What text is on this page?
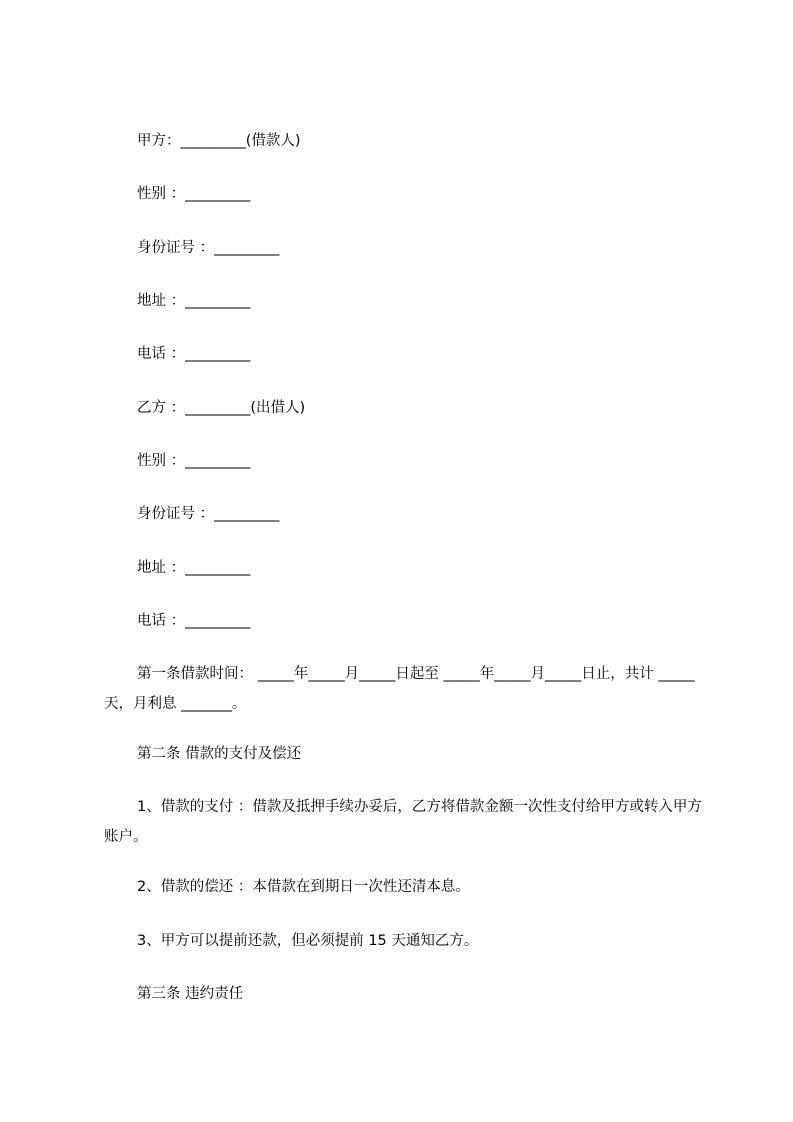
甲方：_________(借款人)
性别 ：_________
身份证号 ：_________
地址 ：_________
电话 ：_________
乙方 ：_________(出借人)
性别 ：_________
身份证号 ：_________
地址 ：_________
电话 ：_________
第一条借款时间： _____年_____月_____日起至 _____年_____月_____日止，共计 _____天，月利息 _______。
第二条 借款的支付及偿还
1、借款的支付 ：借款及抵押手续办妥后，乙方将借款金额一次性支付给甲方或转入甲方账户。
2、借款的偿还 ：本借款在到期日一次性还清本息。
3、甲方可以提前还款，但必须提前 15 天通知乙方。
第三条 违约责任
